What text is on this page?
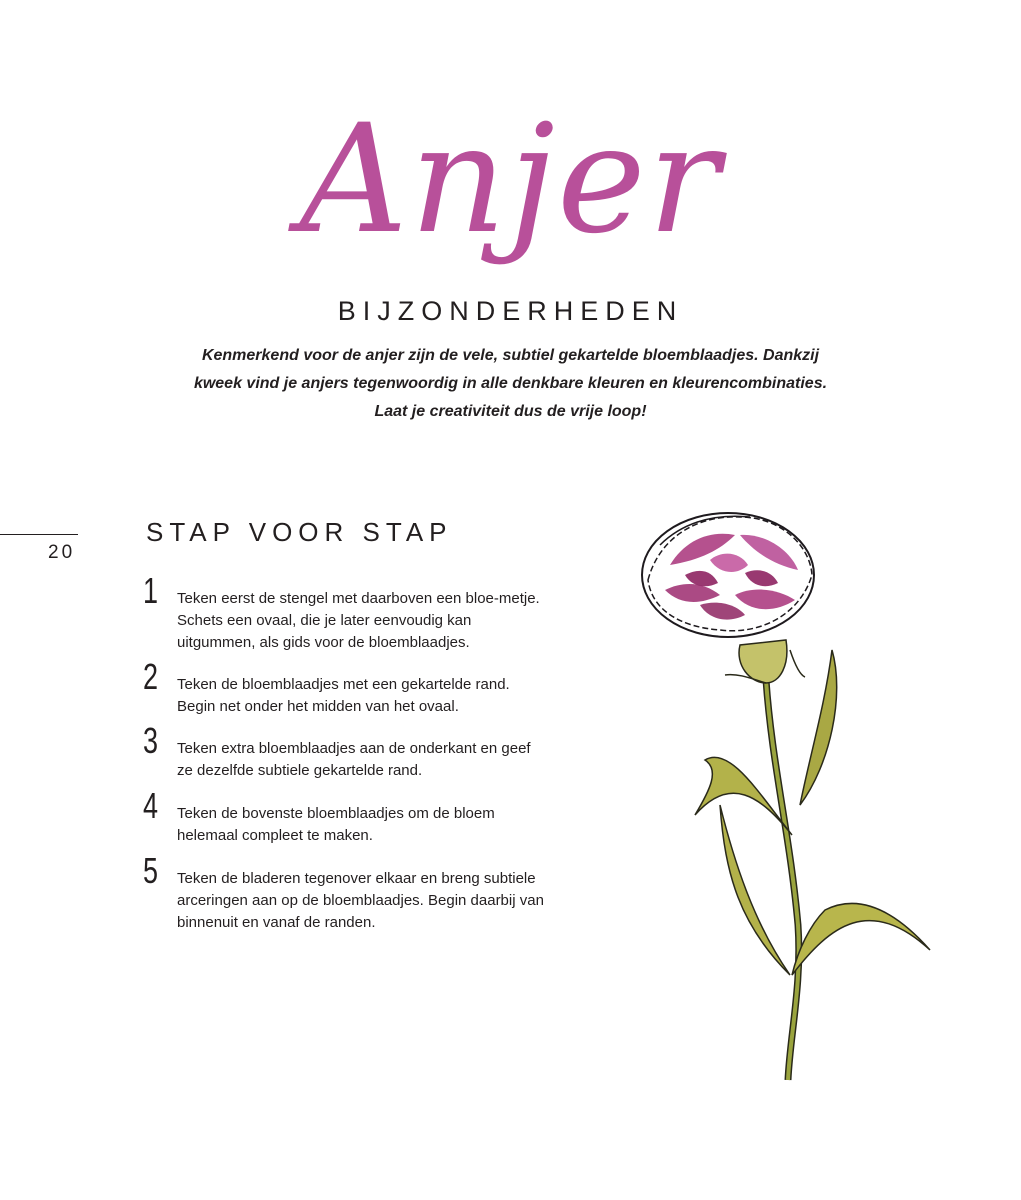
Anjer
BIJZONDERHEDEN
Kenmerkend voor de anjer zijn de vele, subtiel gekartelde bloemblaadjes. Dankzij kweek vind je anjers tegenwoordig in alle denkbare kleuren en kleurencombinaties. Laat je creativiteit dus de vrije loop!
20
STAP VOOR STAP
1 Teken eerst de stengel met daarboven een bloe-metje. Schets een ovaal, die je later eenvoudig kan uitgummen, als gids voor de bloemblaadjes.
2 Teken de bloemblaadjes met een gekartelde rand. Begin net onder het midden van het ovaal.
3 Teken extra bloemblaadjes aan de onderkant en geef ze dezelfde subtiele gekartelde rand.
4 Teken de bovenste bloemblaadjes om de bloem helemaal compleet te maken.
5 Teken de bladeren tegenover elkaar en breng subtiele arceringen aan op de bloemblaadjes. Begin daarbij van binnenuit en vanaf de randen.
